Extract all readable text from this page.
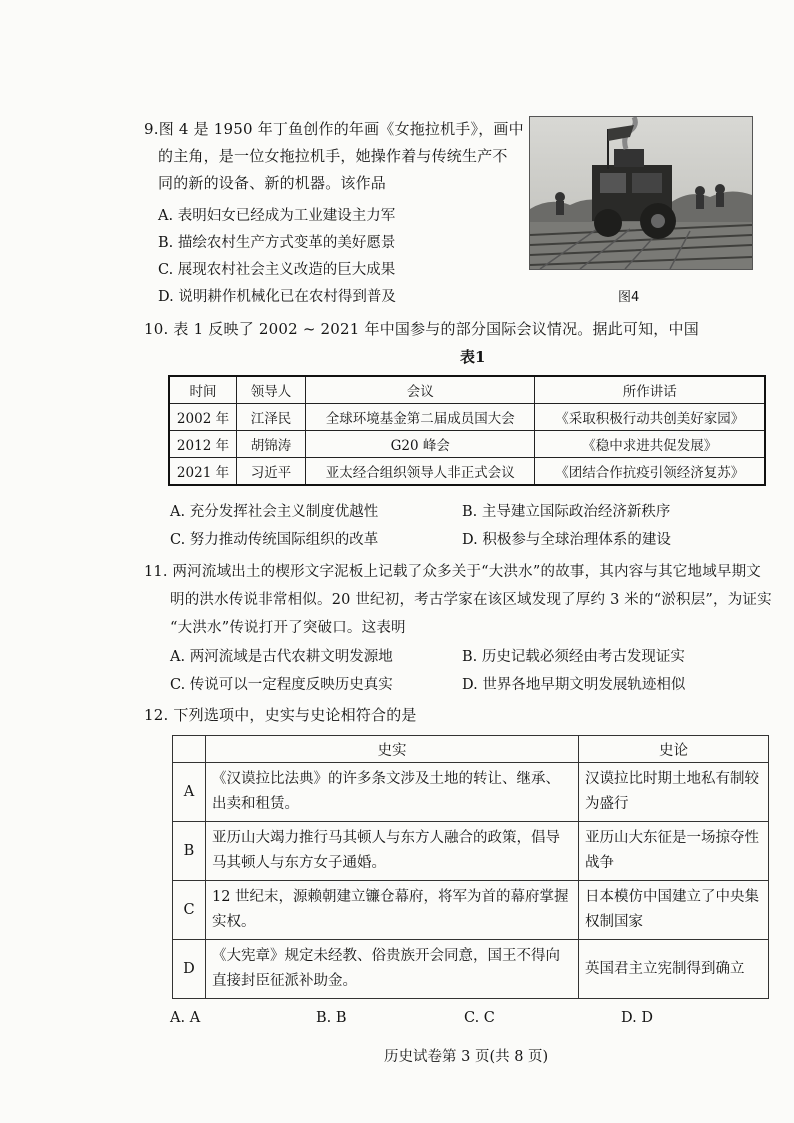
9.图 4 是 1950 年丁鱼创作的年画《女拖拉机手》，画中
的主角，是一位女拖拉机手，她操作着与传统生产不
同的新的设备、新的机器。该作品
A. 表明妇女已经成为工业建设主力军
B. 描绘农村生产方式变革的美好愿景
C. 展现农村社会主义改造的巨大成果
D. 说明耕作机械化已在农村得到普及	图4
10. 表 1 反映了 2002 ~ 2021 年中国参与的部分国际会议情况。据此可知，中国
表1
时间	领导人	会议	所作讲话
2002 年	江泽民	全球环境基金第二届成员国大会	《采取积极行动共创美好家园》
2012 年	胡锦涛	G20 峰会	《稳中求进共促发展》
2021 年	习近平	亚太经合组织领导人非正式会议	《团结合作抗疫引领经济复苏》
A. 充分发挥社会主义制度优越性	B. 主导建立国际政治经济新秩序
C. 努力推动传统国际组织的改革	D. 积极参与全球治理体系的建设
11. 两河流域出土的楔形文字泥板上记载了众多关于“大洪水”的故事，其内容与其它地域早期文
明的洪水传说非常相似。20 世纪初，考古学家在该区域发现了厚约 3 米的“淤积层”，为证实
“大洪水”传说打开了突破口。这表明
A. 两河流域是古代农耕文明发源地	B. 历史记载必须经由考古发现证实
C. 传说可以一定程度反映历史真实	D. 世界各地早期文明发展轨迹相似
12. 下列选项中，史实与史论相符合的是
	史实	史论
A	《汉谟拉比法典》的许多条文涉及土地的转让、继承、出卖和租赁。	汉谟拉比时期土地私有制较为盛行
B	亚历山大竭力推行马其顿人与东方人融合的政策，倡导马其顿人与东方女子通婚。	亚历山大东征是一场掠夺性战争
C	12 世纪末，源赖朝建立镰仓幕府，将军为首的幕府掌握实权。	日本模仿中国建立了中央集权制国家
D	《大宪章》规定未经教、俗贵族开会同意，国王不得向直接封臣征派补助金。	英国君主立宪制得到确立
A. A	B. B	C. C	D. D
历史试卷第 3 页(共 8 页)
